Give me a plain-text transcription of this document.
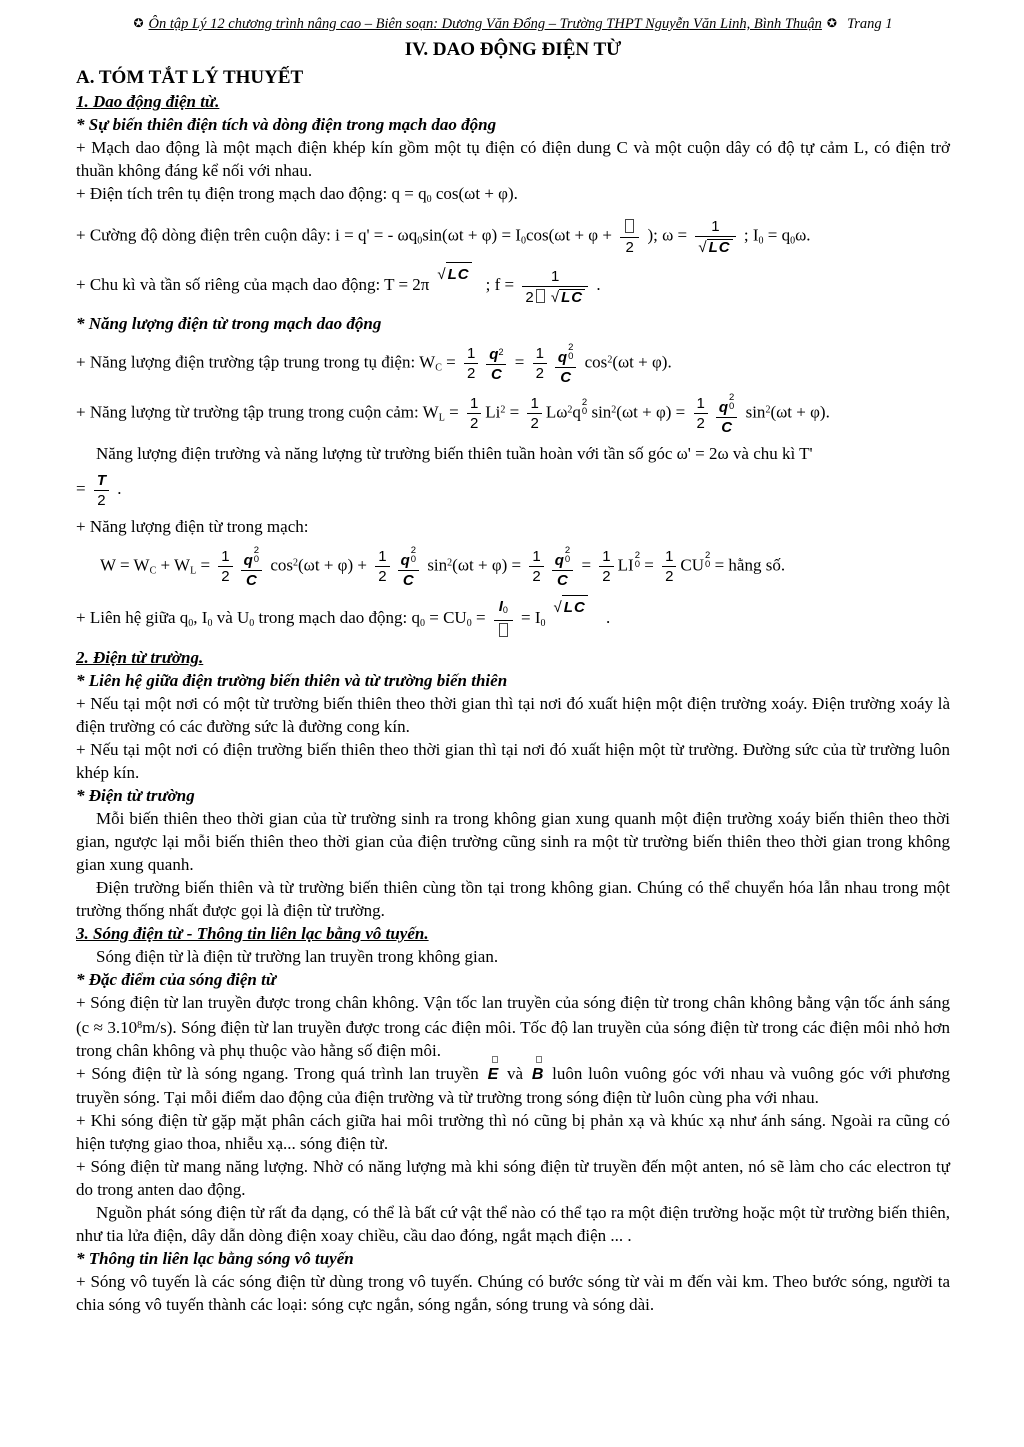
✪ Ôn tập Lý 12 chương trình nâng cao – Biên soạn: Dương Văn Đổng – Trường THPT Nguyễn Văn Linh, Bình Thuận ✪ Trang 1
IV. DAO ĐỘNG ĐIỆN TỪ
A. TÓM TẮT LÝ THUYẾT
1. Dao động điện từ.
* Sự biến thiên điện tích và dòng điện trong mạch dao động
+ Mạch dao động là một mạch điện khép kín gồm một tụ điện có điện dung C và một cuộn dây có độ tự cảm L, có điện trở thuần không đáng kể nối với nhau.
+ Điện tích trên tụ điện trong mạch dao động: $q = q_0$ cos(ωt + φ).
+ Cường độ dòng điện trên cuộn dây: i = q' = - $\omega q_0\sin(\omega t + \varphi) = I_0\cos(\omega t + \varphi$ +
2
); $\omega = \frac{1}{√ LC}$ ; $I_0 = q_0\omega$.
+ Chu kì và tần số riêng của mạch dao động: T = 2π√ LC; $f = \frac{1}{2 √ LC}$ .
* Năng lượng điện từ trong mạch dao động
+ Năng lượng điện trường tập trung trong tụ điện: $W_C = \frac{1}{2} \frac{q^2}{C} = \frac{1}{2}$ q
2
0
C $\cos^2(\omega t + \varphi)$.
+ Năng lượng từ trường tập trung trong cuộn cảm: $W_L = \frac{1}{2} Li^2 = \frac{1}{2} L\omega^2q$ 2
0 $\sin^2(\omega t + \varphi) = \frac{1}{2}$ q
2
0
C $\sin^2(\omega t + \varphi)$.
Năng lượng điện trường và năng lượng từ trường biến thiên tuần hoàn với tần số góc ω' = 2ω và chu kì T'
= $\frac{T}{2}$ .
+ Năng lượng điện từ trong mạch:
$W = W_C + W_L = \frac{1}{2}$ q
2
0
C $\cos^2(\omega t + \varphi) + \frac{1}{2}$ q
2
0
C $\sin^2(\omega t + \varphi) = \frac{1}{2}$ q
2
0
$C = \frac{1}{2}$ LI 2
$0 = \frac{1}{2}$ CU 2
0 = hằng số.
+ Liên hệ giữa $q_0$, $I_0$ và $U_0$ trong mạch dao động: $q_0 = CU_0$ =
$I_0 = I_0√$ LC .
2. Điện từ trường.
* Liên hệ giữa điện trường biến thiên và từ trường biến thiên
+ Nếu tại một nơi có một từ trường biến thiên theo thời gian thì tại nơi đó xuất hiện một điện trường xoáy. Điện trường xoáy là điện trường có các đường sức là đường cong kín.
+ Nếu tại một nơi có điện trường biến thiên theo thời gian thì tại nơi đó xuất hiện một từ trường. Đường sức của từ trường luôn khép kín.
* Điện từ trường
Mỗi biến thiên theo thời gian của từ trường sinh ra trong không gian xung quanh một điện trường xoáy biến thiên theo thời gian, ngược lại mỗi biến thiên theo thời gian của điện trường cũng sinh ra một từ trường biến thiên theo thời gian trong không gian xung quanh.
Điện trường biến thiên và từ trường biến thiên cùng tồn tại trong không gian. Chúng có thể chuyển hóa lẫn nhau trong một trường thống nhất được gọi là điện từ trường.
3. Sóng điện từ - Thông tin liên lạc bằng vô tuyến.
Sóng điện từ là điện từ trường lan truyền trong không gian.
* Đặc điểm của sóng điện từ
+ Sóng điện từ lan truyền được trong chân không. Vận tốc lan truyền của sóng điện từ trong chân không bằng vận tốc ánh sáng $(c \approx 3.10^8m/s)$. Sóng điện từ lan truyền được trong các điện môi. Tốc độ lan truyền của sóng điện từ trong các điện môi nhỏ hơn trong chân không và phụ thuộc vào hằng số điện môi.
+ Sóng điện từ là sóng ngang. Trong quá trình lan truyền E
và B
luôn luôn vuông góc với nhau và vuông góc với phương truyền sóng. Tại mỗi điểm dao động của điện trường và từ trường trong sóng điện từ luôn cùng pha với nhau.
+ Khi sóng điện từ gặp mặt phân cách giữa hai môi trường thì nó cũng bị phản xạ và khúc xạ như ánh sáng. Ngoài ra cũng có hiện tượng giao thoa, nhiễu xạ... sóng điện từ.
+ Sóng điện từ mang năng lượng. Nhờ có năng lượng mà khi sóng điện từ truyền đến một anten, nó sẽ làm cho các electron tự do trong anten dao động.
Nguồn phát sóng điện từ rất đa dạng, có thể là bất cứ vật thể nào có thể tạo ra một điện trường hoặc một từ trường biến thiên, như tia lửa điện, dây dẫn dòng điện xoay chiều, cầu dao đóng, ngắt mạch điện ... .
* Thông tin liên lạc bằng sóng vô tuyến
+ Sóng vô tuyến là các sóng điện từ dùng trong vô tuyến. Chúng có bước sóng từ vài m đến vài km. Theo bước sóng, người ta chia sóng vô tuyến thành các loại: sóng cực ngắn, sóng ngắn, sóng trung và sóng dài.
